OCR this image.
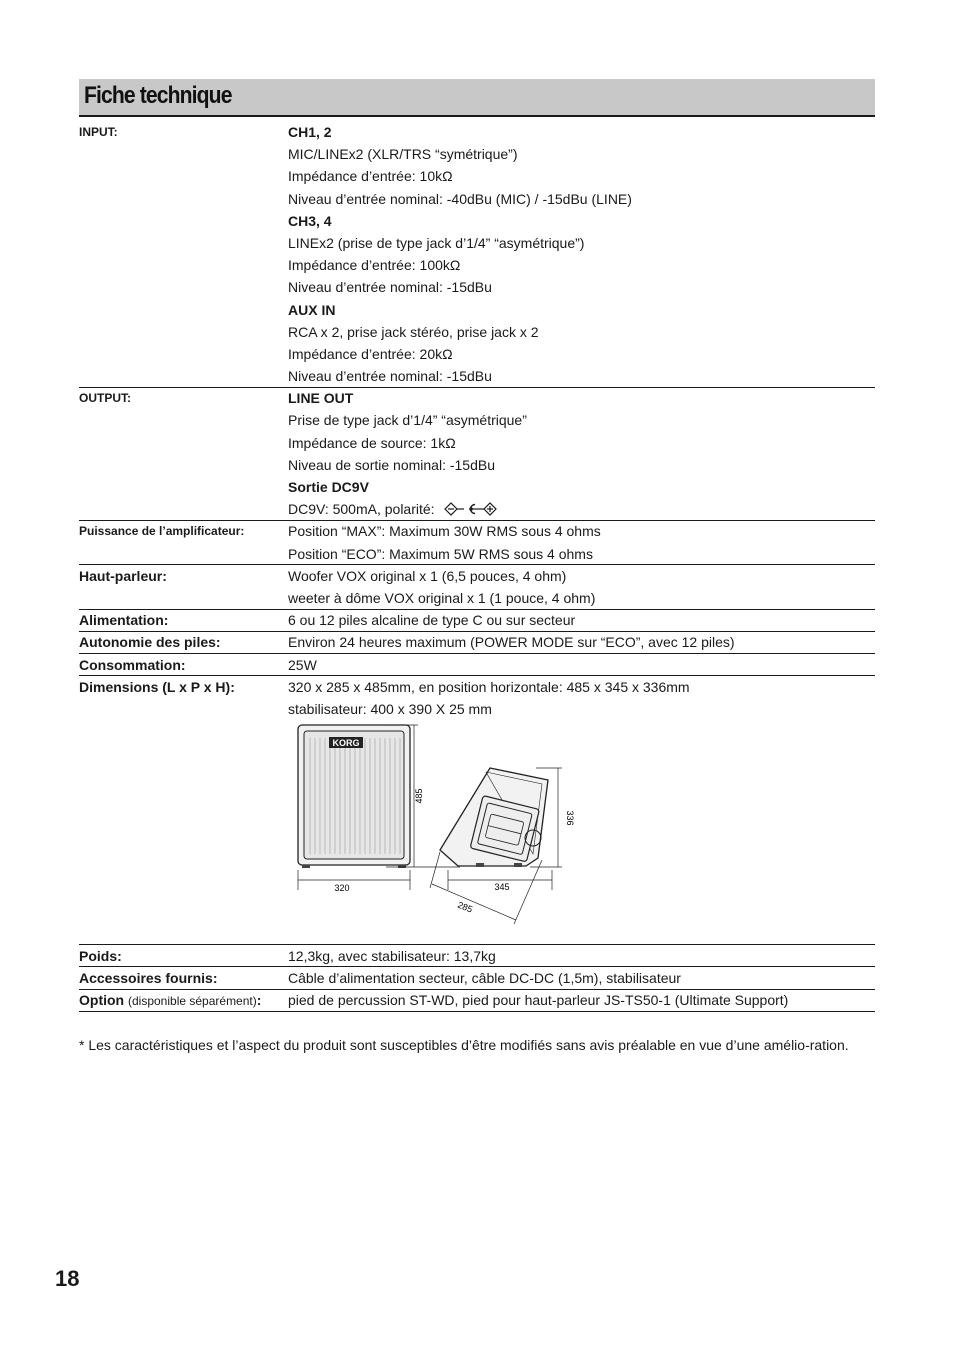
Fiche technique
INPUT:	CH1, 2
MIC/LINEx2 (XLR/TRS “symétrique”)
Impédance d’entrée: 10kΩ
Niveau d’entrée nominal: -40dBu (MIC) / -15dBu (LINE)
CH3, 4
LINEx2 (prise de type jack d’1/4” “asymétrique”)
Impédance d’entrée: 100kΩ
Niveau d’entrée nominal: -15dBu
AUX IN
RCA x 2, prise jack stéréo, prise jack x 2
Impédance d’entrée: 20kΩ
Niveau d’entrée nominal: -15dBu
OUTPUT:	LINE OUT
Prise de type jack d’1/4” “asymétrique”
Impédance de source: 1kΩ
Niveau de sortie nominal: -15dBu
Sortie DC9V
DC9V: 500mA, polarité:
Puissance de l’amplificateur:	Position “MAX”: Maximum 30W RMS sous 4 ohms
Position “ECO”: Maximum 5W RMS sous 4 ohms
Haut-parleur:	Woofer VOX original x 1 (6,5 pouces, 4 ohm)
weeter à dôme VOX original x 1 (1 pouce, 4 ohm)
Alimentation:	6 ou 12 piles alcaline de type C ou sur secteur
Autonomie des piles:	Environ 24 heures maximum (POWER MODE sur “ECO”, avec 12 piles)
Consommation:	25W
Dimensions (L x P x H):	320 x 285 x 485mm, en position horizontale: 485 x 345 x 336mm
stabilisateur: 400 x 390 X 25 mm
KORG
485
320
336
345
285
Poids:	12,3kg, avec stabilisateur: 13,7kg
Accessoires fournis:	Câble d’alimentation secteur, câble DC-DC (1,5m), stabilisateur
Option (disponible séparément): pied de percussion ST-WD, pied pour haut-parleur JS-TS50-1 (Ultimate Support)
* Les caractéristiques et l’aspect du produit sont susceptibles d’être modifiés sans avis préalable en vue d’une amélio-ration.
18
